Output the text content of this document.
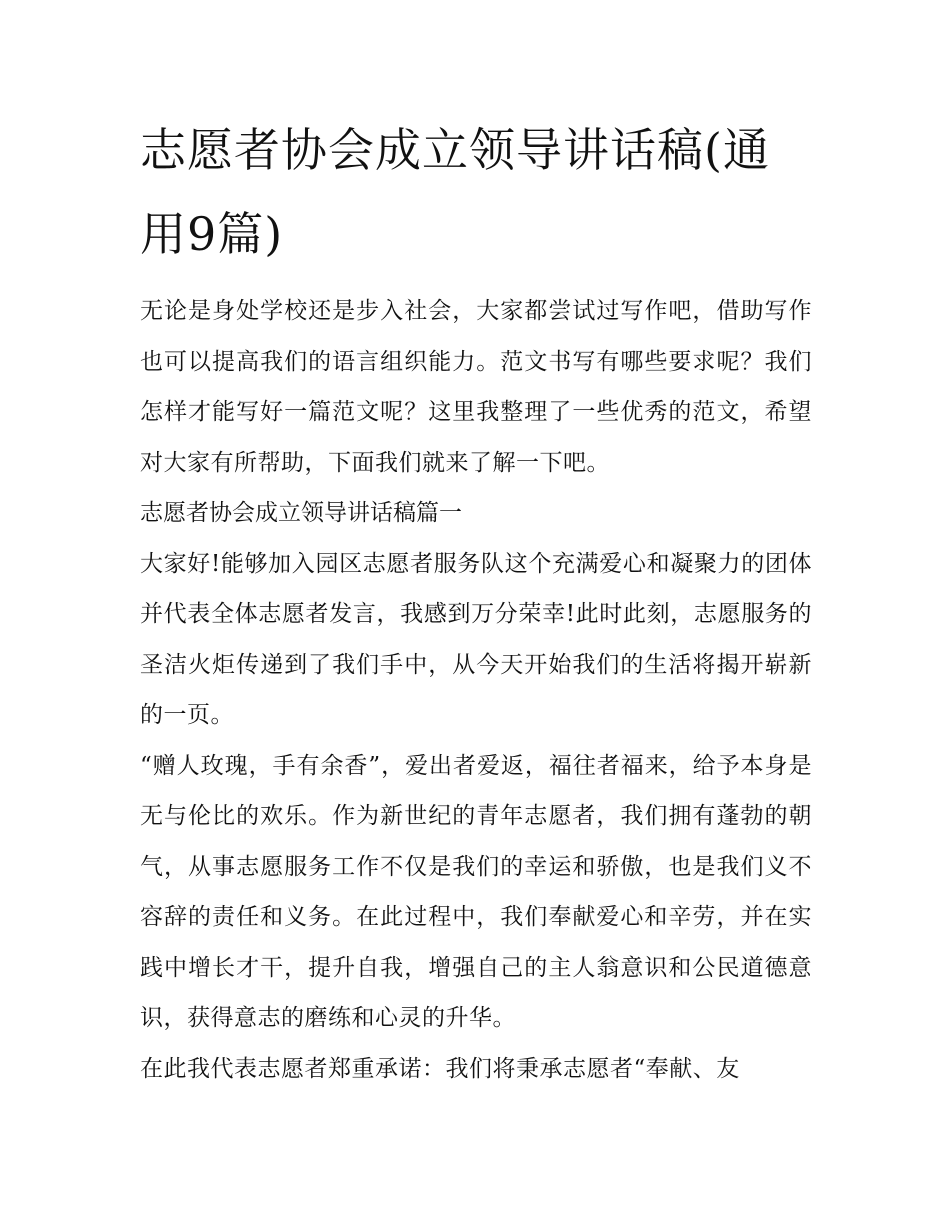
志愿者协会成立领导讲话稿(通用9篇)

无论是身处学校还是步入社会，大家都尝试过写作吧，借助写作也可以提高我们的语言组织能力。范文书写有哪些要求呢？我们怎样才能写好一篇范文呢？这里我整理了一些优秀的范文，希望对大家有所帮助，下面我们就来了解一下吧。

志愿者协会成立领导讲话稿篇一

大家好!能够加入园区志愿者服务队这个充满爱心和凝聚力的团体并代表全体志愿者发言，我感到万分荣幸!此时此刻，志愿服务的圣洁火炬传递到了我们手中，从今天开始我们的生活将揭开崭新的一页。

“赠人玫瑰，手有余香”，爱出者爱返，福往者福来，给予本身是无与伦比的欢乐。作为新世纪的青年志愿者，我们拥有蓬勃的朝气，从事志愿服务工作不仅是我们的幸运和骄傲，也是我们义不容辞的责任和义务。在此过程中，我们奉献爱心和辛劳，并在实践中增长才干，提升自我，增强自己的主人翁意识和公民道德意识，获得意志的磨练和心灵的升华。

在此我代表志愿者郑重承诺：我们将秉承志愿者“奉献、友
